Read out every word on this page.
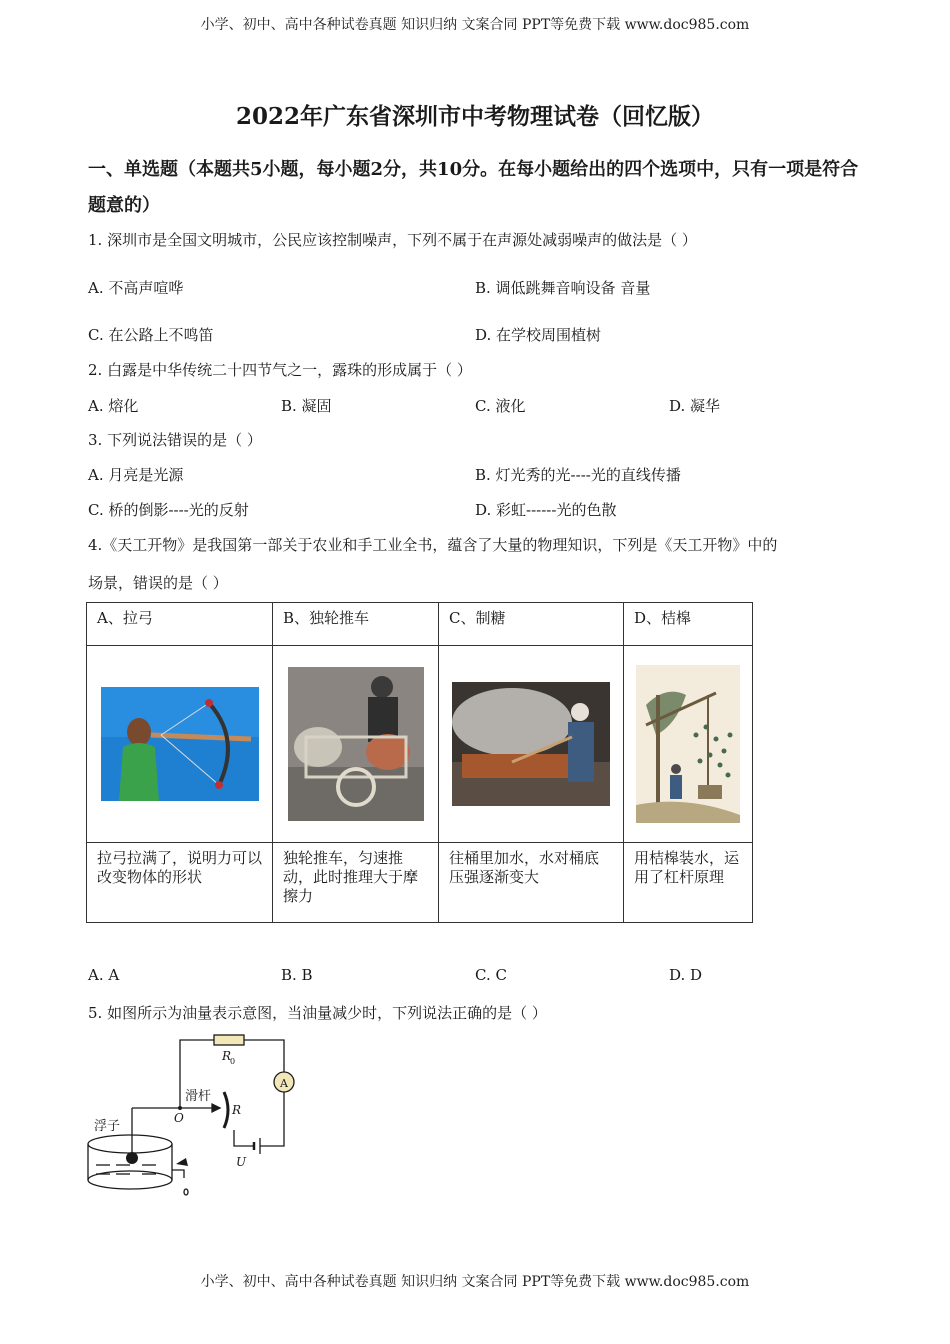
小学、初中、高中各种试卷真题 知识归纳 文案合同 PPT等免费下载 www.doc985.com
2022年广东省深圳市中考物理试卷（回忆版）
一、单选题（本题共5小题，每小题2分，共10分。在每小题给出的四个选项中，只有一项是符合题意的）
1. 深圳市是全国文明城市，公民应该控制噪声，下列不属于在声源处减弱噪声的做法是（ ）
A. 不高声喧哗	B. 调低跳舞音响设备 音量
C. 在公路上不鸣笛	D. 在学校周围植树
2. 白露是中华传统二十四节气之一，露珠的形成属于（ ）
A. 熔化	B. 凝固	C. 液化	D. 凝华
3. 下列说法错误的是（ ）
A. 月亮是光源	B. 灯光秀的光----光的直线传播
C. 桥的倒影----光的反射	D. 彩虹------光的色散
4.《天工开物》是我国第一部关于农业和手工业全书，蕴含了大量的物理知识，下列是《天工开物》中的
场景，错误的是（ ）
A、拉弓	B、独轮推车	C、制糖	D、桔槔

拉弓拉满了，说明力可以改变物体的形状	独轮推车，匀速推动，此时推理大于摩擦力	往桶里加水，水对桶底压强逐渐变大	用桔槔装水，运用了杠杆原理
A. A	B. B	C. C	D. D
5. 如图所示为油量表示意图，当油量减少时，下列说法正确的是（ ）
R
0
A
滑杆
O
R
浮子
U
小学、初中、高中各种试卷真题 知识归纳 文案合同 PPT等免费下载 www.doc985.com
